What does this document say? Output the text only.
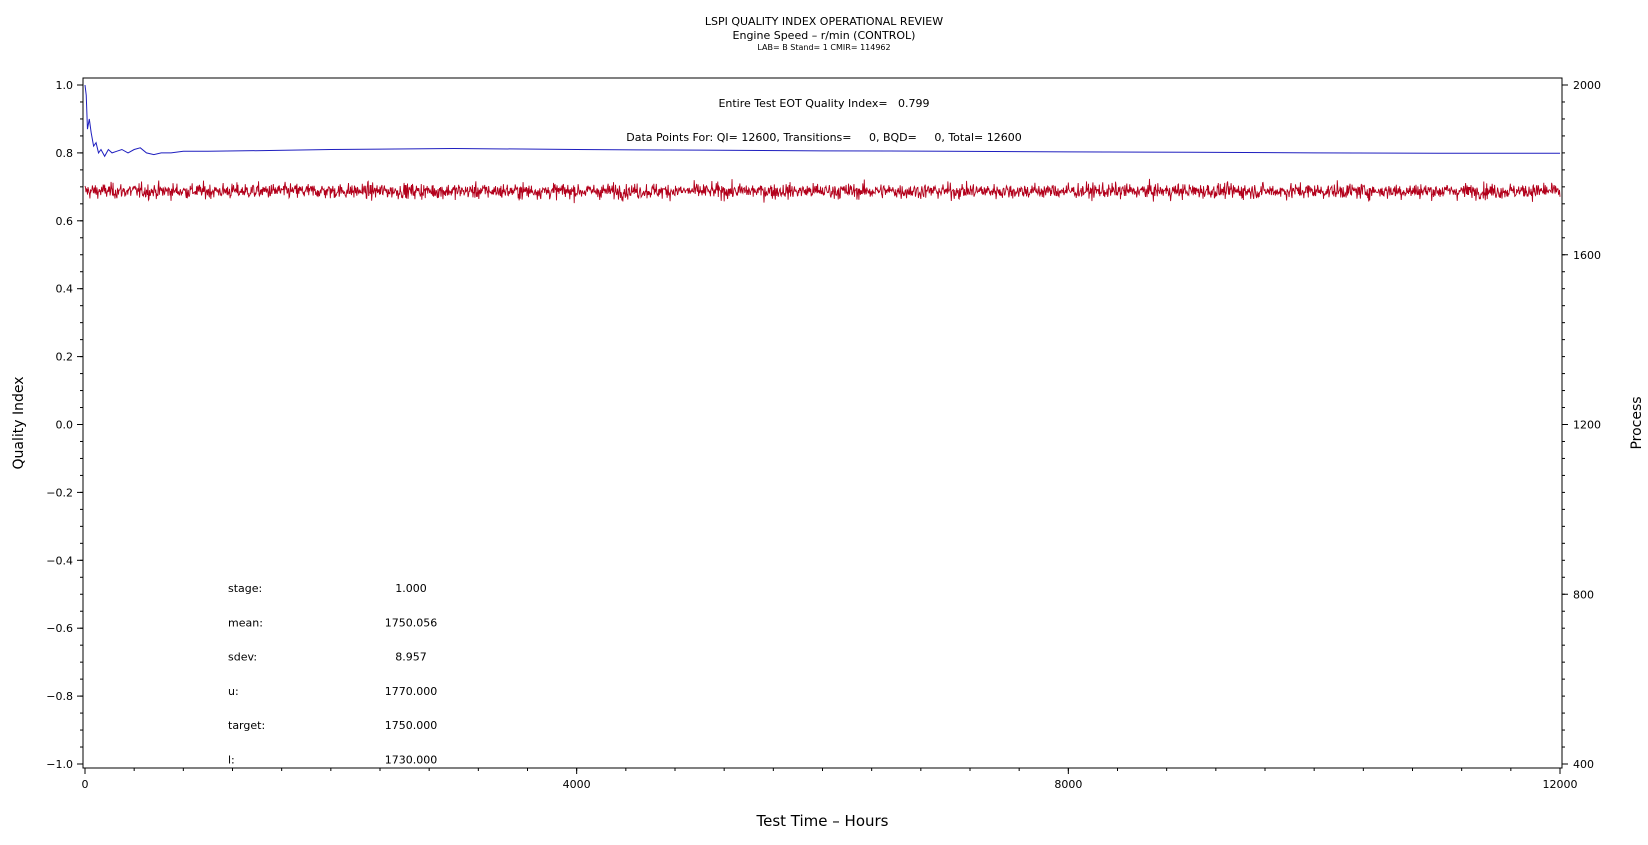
LSPI QUALITY INDEX OPERATIONAL REVIEW
Engine Speed – r/min (CONTROL)
LAB= B Stand= 1 CMIR= 114962
1.0
0.8
0.6
0.4
0.2
0.0
−0.2
−0.4
−0.6
−0.8
−1.0
2000
1600
1200
800
400
0	4000	8000	12000
Test Time – Hours
Quality Index	Process
Entire Test EOT Quality Index=   0.799
Data Points For: QI= 12600, Transitions=     0, BQD=     0, Total= 12600
stage:	1.000
mean:	1750.056
sdev:	8.957
u:	1770.000
target:	1750.000
l:	1730.000
